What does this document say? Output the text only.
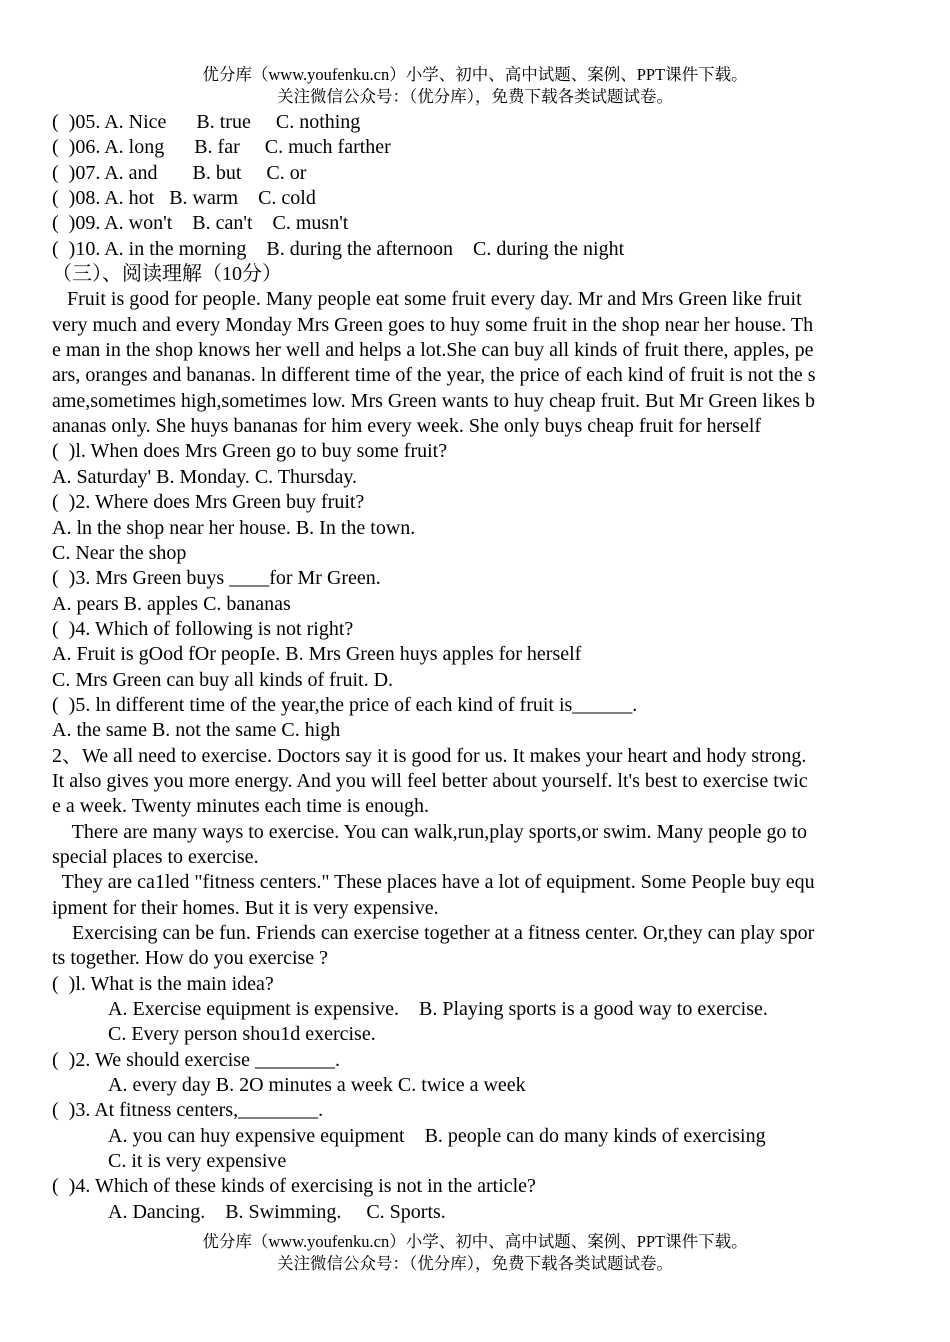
优分库（www.youfenku.cn）小学、初中、高中试题、案例、PPT课件下载。
关注微信公众号：（优分库），免费下载各类试题试卷。
(  )05. A. Nice      B. true     C. nothing
(  )06. A. long      B. far     C. much farther
(  )07. A. and       B. but     C. or
(  )08. A. hot   B. warm    C. cold
(  )09. A. won't    B. can't    C. musn't
(  )10. A. in the morning    B. during the afternoon    C. during the night
（三）、阅读理解（10分）
Fruit is good for people. Many people eat some fruit every day. Mr and Mrs Green like fruit
very much and every Monday Mrs Green goes to huy some fruit in the shop near her house. Th
e man in the shop knows her well and helps a lot.She can buy all kinds of fruit there, apples, pe
ars, oranges and bananas. ln different time of the year, the price of each kind of fruit is not the s
ame,sometimes high,sometimes low. Mrs Green wants to huy cheap fruit. But Mr Green likes b
ananas only. She huys bananas for him every week. She only buys cheap fruit for herself
(  )l. When does Mrs Green go to buy some fruit?
A. Saturday' B. Monday. C. Thursday.
(  )2. Where does Mrs Green buy fruit?
A. ln the shop near her house. B. In the town.
C. Near the shop
(  )3. Mrs Green buys ____for Mr Green.
A. pears B. apples C. bananas
(  )4. Which of following is not right?
A. Fruit is gOod fOr peopIe. B. Mrs Green huys apples for herself
C. Mrs Green can buy all kinds of fruit. D.
(  )5. ln different time of the year,the price of each kind of fruit is______.
A. the same B. not the same C. high
2、We all need to exercise. Doctors say it is good for us. It makes your heart and hody strong.
It also gives you more energy. And you will feel better about yourself. lt's best to exercise twic
e a week. Twenty minutes each time is enough.
There are many ways to exercise. You can walk,run,play sports,or swim. Many people go to
special places to exercise.
They are ca1led "fitness centers." These places have a lot of equipment. Some People buy equ
ipment for their homes. But it is very expensive.
Exercising can be fun. Friends can exercise together at a fitness center. Or,they can play spor
ts together. How do you exercise ?
(  )l. What is the main idea?
A. Exercise equipment is expensive.    B. Playing sports is a good way to exercise.
C. Every person shou1d exercise.
(  )2. We should exercise ________.
A. every day B. 2O minutes a week C. twice a week
(  )3. At fitness centers,________.
A. you can huy expensive equipment    B. people can do many kinds of exercising
C. it is very expensive
(  )4. Which of these kinds of exercising is not in the article?
A. Dancing.    B. Swimming.     C. Sports.
优分库（www.youfenku.cn）小学、初中、高中试题、案例、PPT课件下载。
关注微信公众号：（优分库），免费下载各类试题试卷。
